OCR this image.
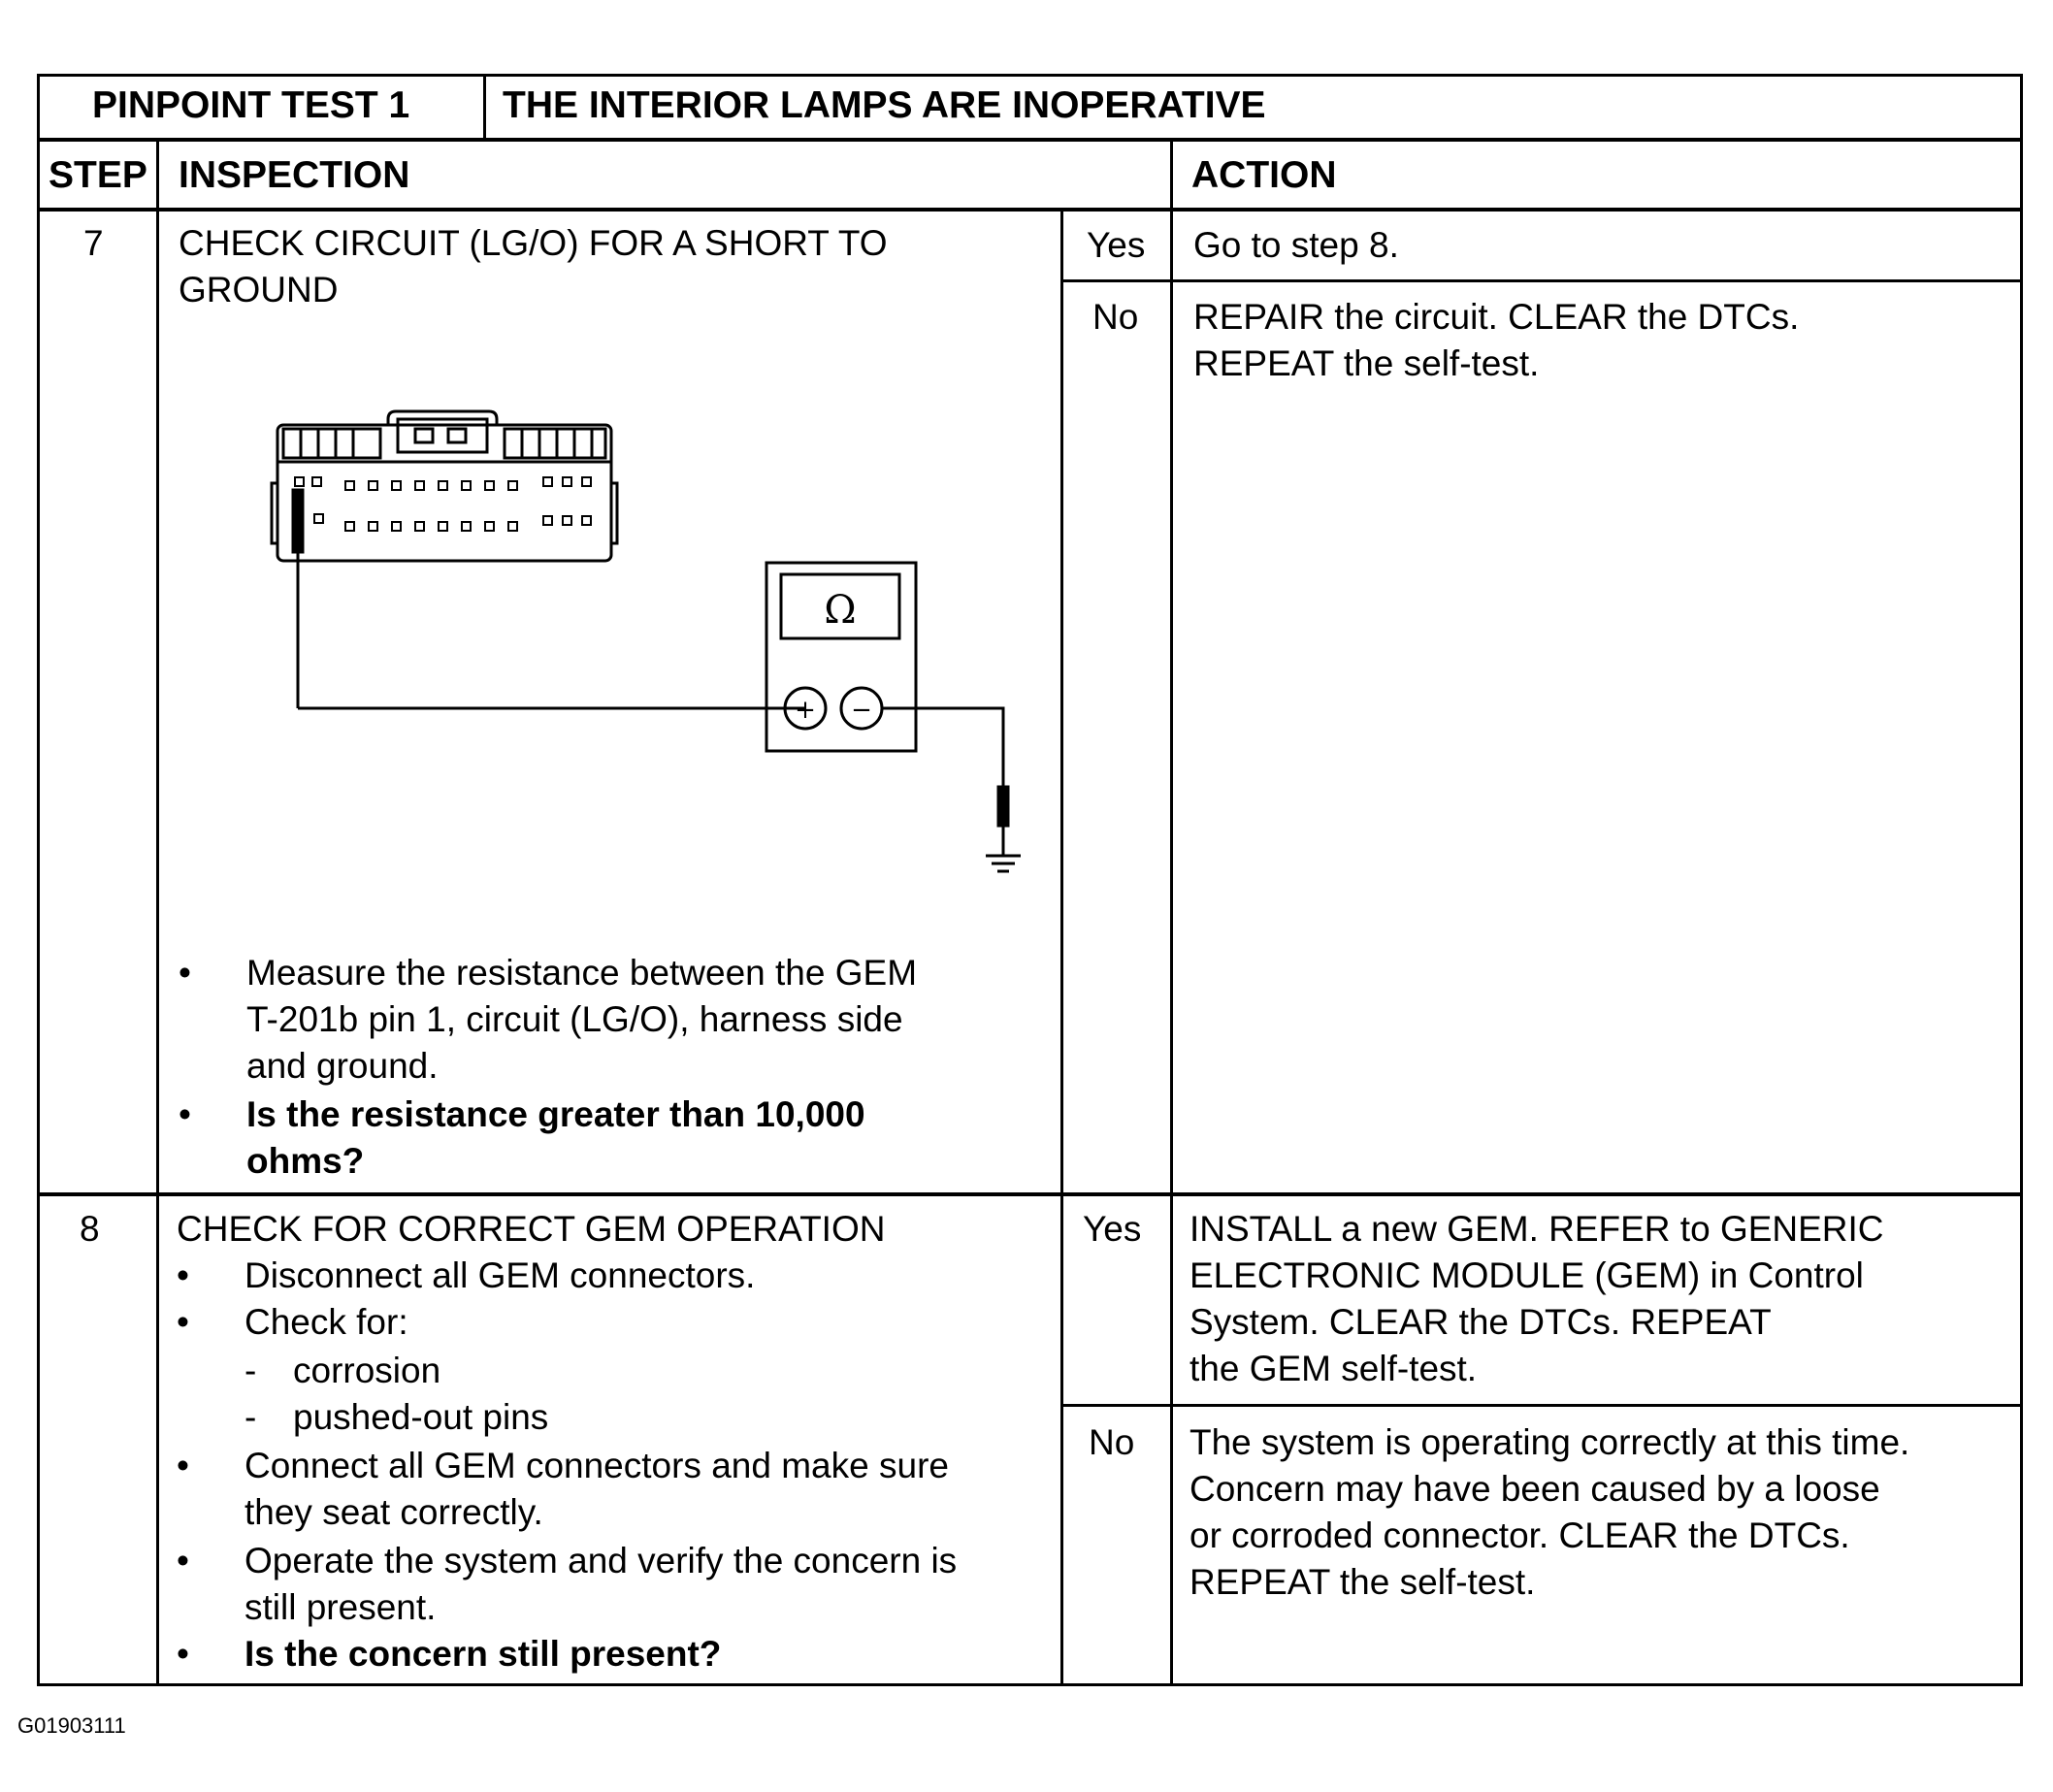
PINPOINT TEST 1 THE INTERIOR LAMPS ARE INOPERATIVE
STEP INSPECTION	ACTION
7 CHECK CIRCUIT (LG/O) FOR A SHORT TO
GROUND
Ω
+ −
• Measure the resistance between the GEM
T-201b pin 1, circuit (LG/O), harness side
and ground.
• Is the resistance greater than 10,000
ohms?
Yes Go to step 8.
No REPAIR the circuit. CLEAR the DTCs.
REPEAT the self-test.
8 CHECK FOR CORRECT GEM OPERATION
• Disconnect all GEM connectors.
• Check for:
- corrosion
- pushed-out pins
• Connect all GEM connectors and make sure
they seat correctly.
• Operate the system and verify the concern is
still present.
• Is the concern still present?
Yes INSTALL a new GEM. REFER to GENERIC
ELECTRONIC MODULE (GEM) in Control
System. CLEAR the DTCs. REPEAT
the GEM self-test.
No The system is operating correctly at this time.
Concern may have been caused by a loose
or corroded connector. CLEAR the DTCs.
REPEAT the self-test.
G01903111
